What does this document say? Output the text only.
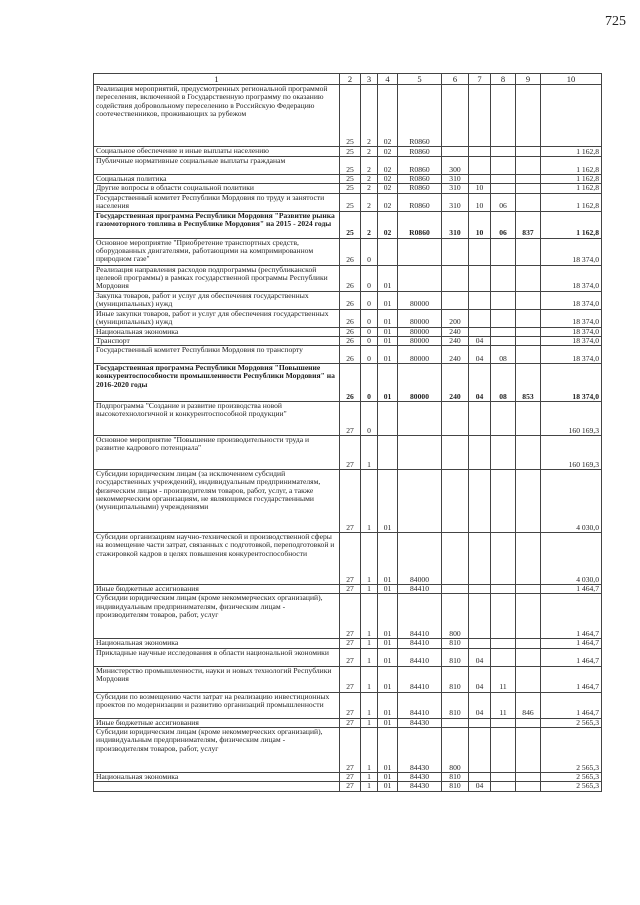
725
1	2	3	4	5	6	7	8	9	10
Реализация мероприятий, предусмотренных региональной программой переселения, включенной в Государственную программу по оказанию содействия добровольному переселению в Российскую Федерацию соотечественников, проживающих за рубежом	25	2	02	R0860					
Социальное обеспечение и иные выплаты населению	25	2	02	R0860					1 162,8
Публичные нормативные социальные выплаты гражданам	25	2	02	R0860	300				1 162,8
Социальная политика	25	2	02	R0860	310				1 162,8
Другие вопросы в области социальной политики	25	2	02	R0860	310	10			1 162,8
Государственный комитет Республики Мордовия по труду и занятости населения	25	2	02	R0860	310	10	06		1 162,8
Государственная программа Республики Мордовия "Развитие рынка газомоторного топлива в Республике Мордовия" на 2015 - 2024 годы	25	2	02	R0860	310	10	06	837	1 162,8
Основное мероприятие "Приобретение транспортных средств, оборудованных двигателями, работающими на компримированном природном газе"	26	0							18 374,0
Реализация направления расходов подпрограммы (республиканской целевой программы) в рамках государственной программы Республики Мордовия	26	0	01						18 374,0
Закупка товаров, работ и услуг для обеспечения государственных (муниципальных) нужд	26	0	01	80000					18 374,0
Иные закупки товаров, работ и услуг для обеспечения государственных (муниципальных) нужд	26	0	01	80000	200				18 374,0
Национальная экономика	26	0	01	80000	240				18 374,0
Транспорт	26	0	01	80000	240	04			18 374,0
Государственный комитет Республики Мордовия по транспорту	26	0	01	80000	240	04	08		18 374,0
Государственная программа Республики Мордовия "Повышение конкурентоспособности промышленности Республики Мордовия" на 2016-2020 годы	26	0	01	80000	240	04	08	853	18 374,0
Подпрограмма "Создание и развитие производства новой высокотехнологичной и конкурентоспособной продукции"	27	0							160 169,3
Основное мероприятие "Повышение производительности труда и развитие кадрового потенциала"	27	1							160 169,3
Субсидии юридическим лицам (за исключением субсидий государственных учреждений), индивидуальным предпринимателям, физическим лицам - производителям товаров, работ, услуг, а также некоммерческим организациям, не являющимся государственными (муниципальными) учреждениями	27	1	01						4 030,0
Субсидии организациям научно-технической и производственной сферы на возмещение части затрат, связанных с подготовкой, переподготовкой и стажировкой кадров в целях повышения конкурентоспособности	27	1	01	84000					4 030,0
Иные бюджетные ассигнования	27	1	01	84410					1 464,7
Субсидии юридическим лицам (кроме некоммерческих организаций), индивидуальным предпринимателям, физическим лицам - производителям товаров, работ, услуг	27	1	01	84410	800				1 464,7
Национальная экономика	27	1	01	84410	810				1 464,7
Прикладные научные исследования в области национальной экономики	27	1	01	84410	810	04			1 464,7
Министерство промышленности, науки и новых технологий Республики Мордовия	27	1	01	84410	810	04	11		1 464,7
Субсидии по возмещению части затрат на реализацию инвестиционных проектов по модернизации и развитию организаций промышленности	27	1	01	84410	810	04	11	846	1 464,7
Иные бюджетные ассигнования	27	1	01	84430					2 565,3
Субсидии юридическим лицам (кроме некоммерческих организаций), индивидуальным предпринимателям, физическим лицам - производителям товаров, работ, услуг	27	1	01	84430	800				2 565,3
Национальная экономика	27	1	01	84430	810				2 565,3
	27	1	01	84430	810	04			2 565,3
